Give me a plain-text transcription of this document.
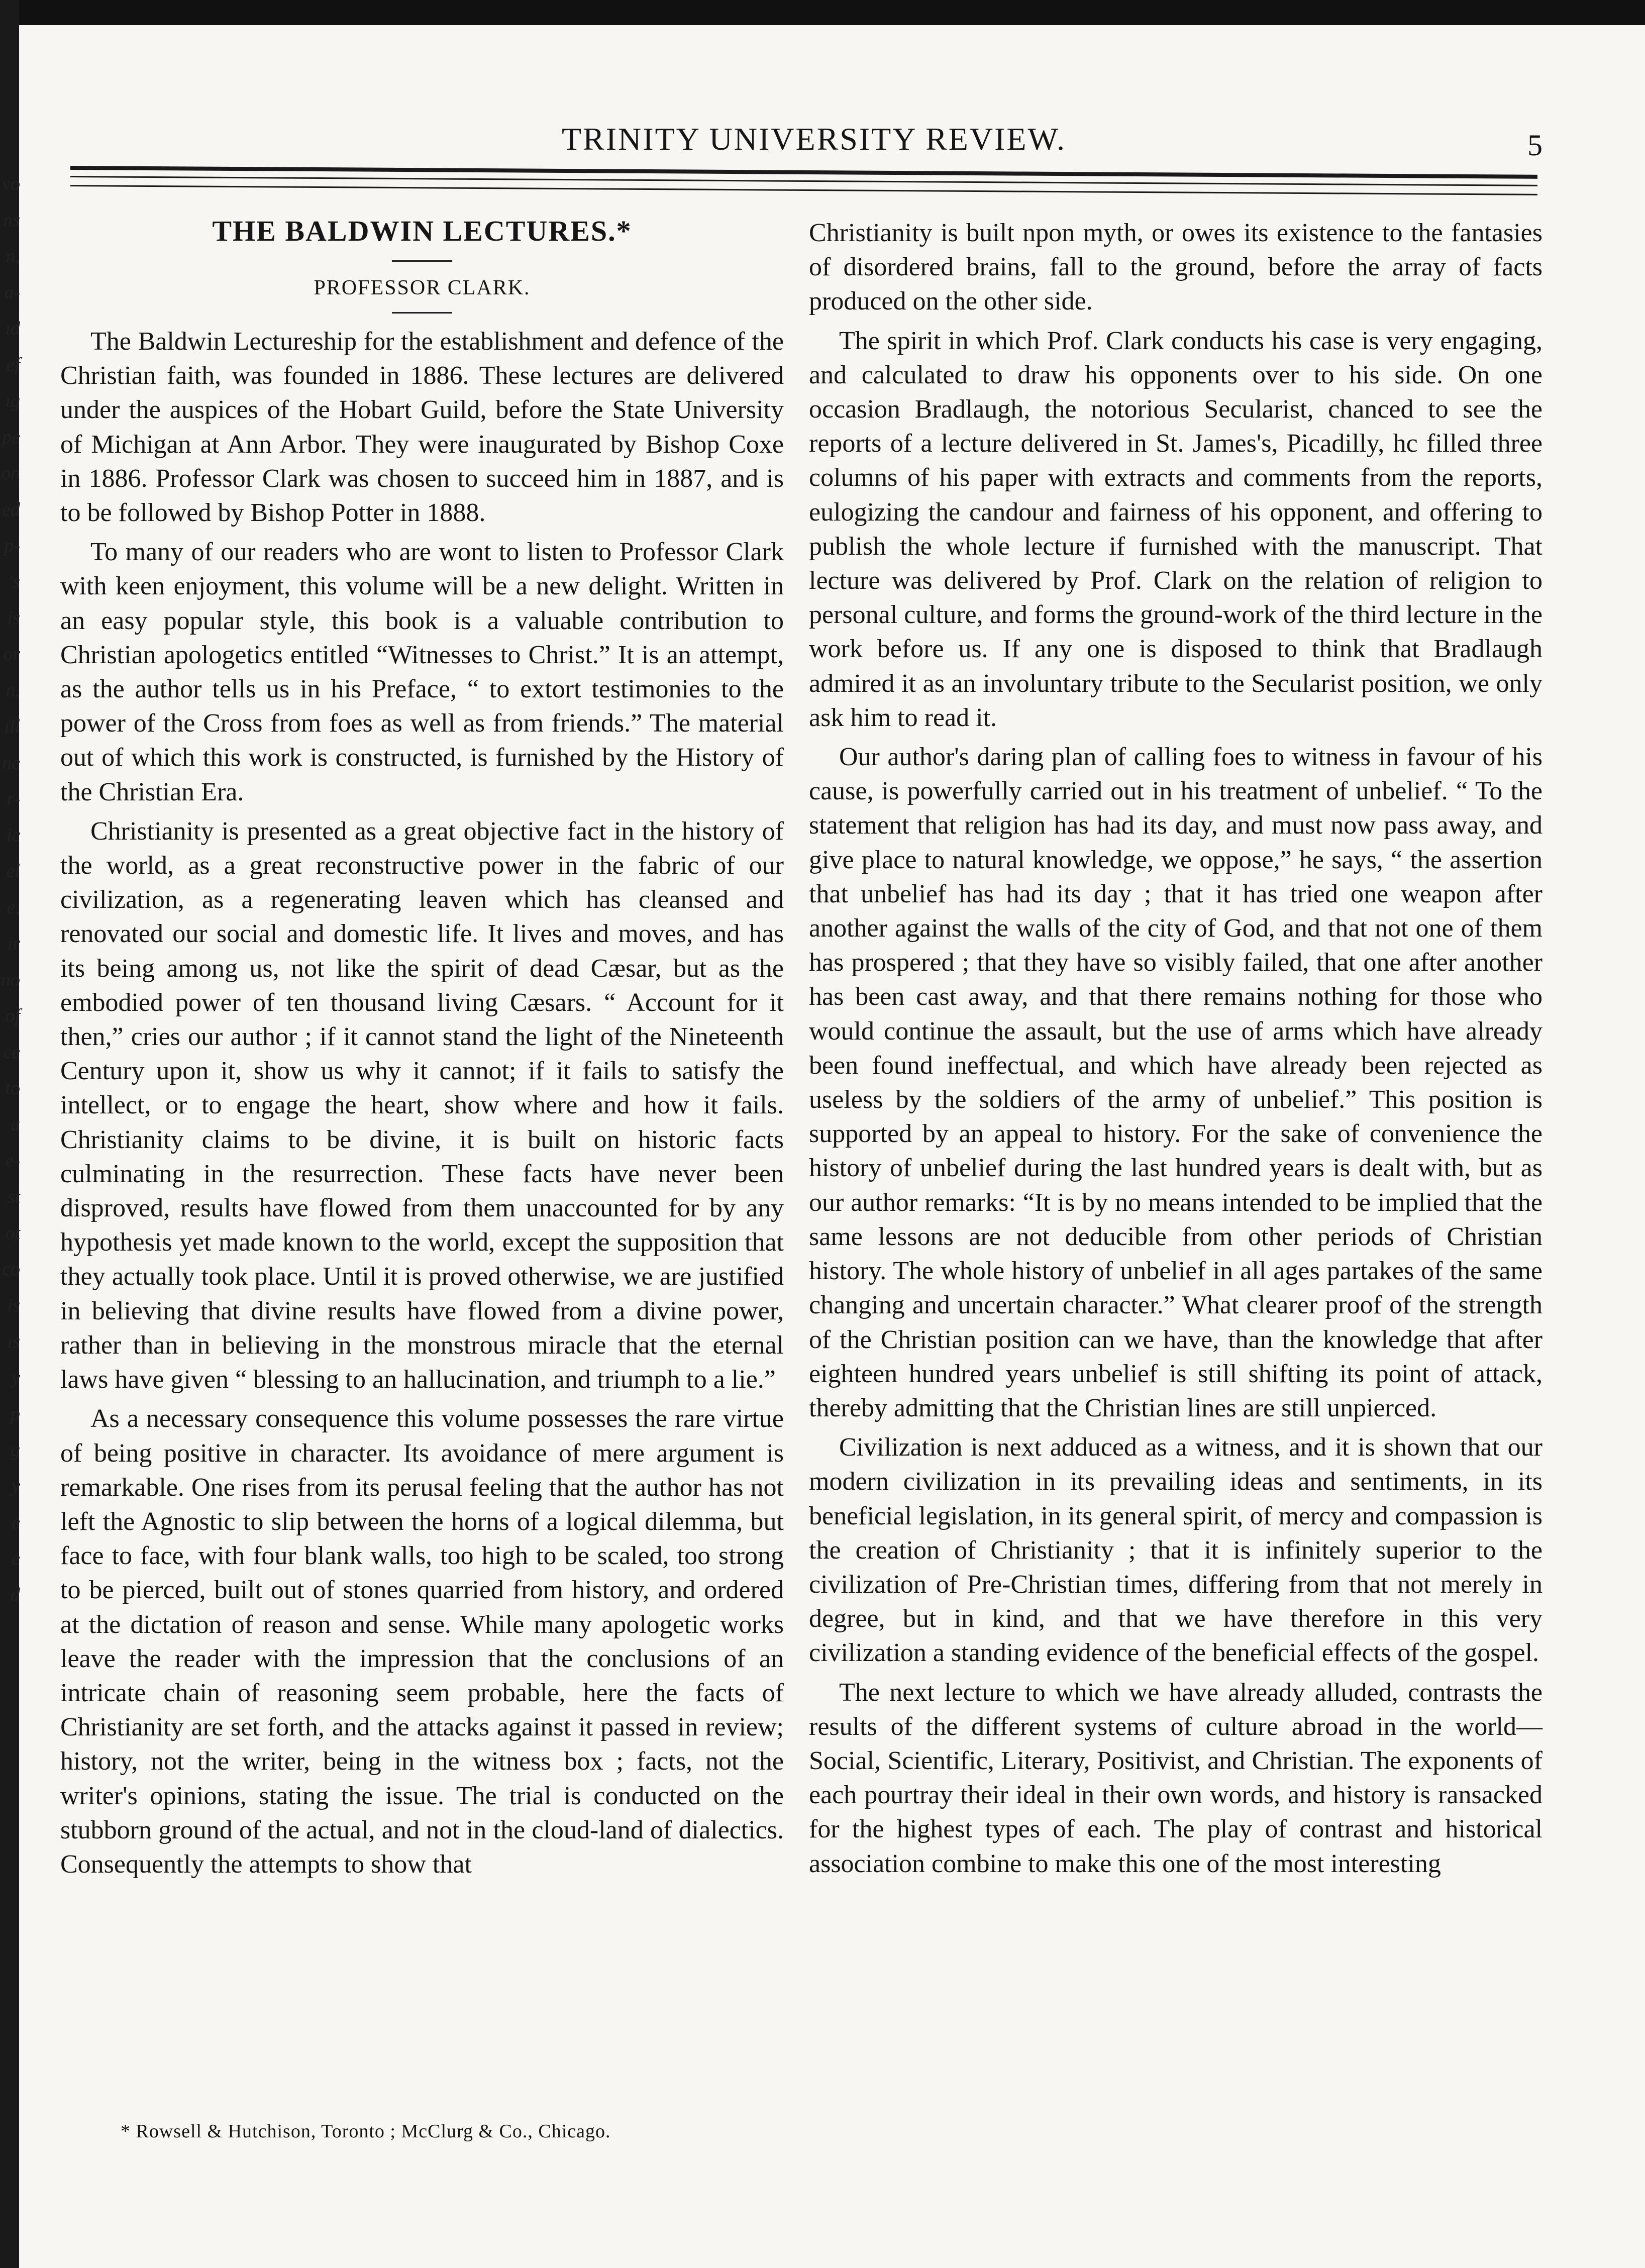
vo
ns
n,
a-
ıd
ef
ıg
pe
on
ed
p-
's
is
or
n,
ıll
ne
r-
ic
el
e,
ir
no
of
ce
to
a
e-
st
ot
co
is
ıs
y
p
g
y
e
e
d
TRINITY UNIVERSITY REVIEW.	5
THE BALDWIN LECTURES.*

PROFESSOR CLARK.

The Baldwin Lectureship for the establishment and defence of the Christian faith, was founded in 1886. These lectures are delivered under the auspices of the Hobart Guild, before the State University of Michigan at Ann Arbor. They were inaugurated by Bishop Coxe in 1886. Professor Clark was chosen to succeed him in 1887, and is to be followed by Bishop Potter in 1888.

To many of our readers who are wont to listen to Professor Clark with keen enjoyment, this volume will be a new delight. Written in an easy popular style, this book is a valuable contribution to Christian apologetics entitled “Witnesses to Christ.” It is an attempt, as the author tells us in his Preface, “ to extort testimonies to the power of the Cross from foes as well as from friends.” The material out of which this work is constructed, is furnished by the History of the Christian Era.

Christianity is presented as a great objective fact in the history of the world, as a great reconstructive power in the fabric of our civilization, as a regenerating leaven which has cleansed and renovated our social and domestic life. It lives and moves, and has its being among us, not like the spirit of dead Cæsar, but as the embodied power of ten thousand living Cæsars. “ Account for it then,” cries our author ; if it cannot stand the light of the Nineteenth Century upon it, show us why it cannot; if it fails to satisfy the intellect, or to engage the heart, show where and how it fails. Christianity claims to be divine, it is built on historic facts culminating in the resurrection. These facts have never been disproved, results have flowed from them unaccounted for by any hypothesis yet made known to the world, except the supposition that they actually took place. Until it is proved otherwise, we are justified in believing that divine results have flowed from a divine power, rather than in believing in the monstrous miracle that the eternal laws have given “ blessing to an hallucination, and triumph to a lie.”

As a necessary consequence this volume possesses the rare virtue of being positive in character. Its avoidance of mere argument is remarkable. One rises from its perusal feeling that the author has not left the Agnostic to slip between the horns of a logical dilemma, but face to face, with four blank walls, too high to be scaled, too strong to be pierced, built out of stones quarried from history, and ordered at the dictation of reason and sense. While many apologetic works leave the reader with the impression that the conclusions of an intricate chain of reasoning seem probable, here the facts of Christianity are set forth, and the attacks against it passed in review; history, not the writer, being in the witness box ; facts, not the writer's opinions, stating the issue. The trial is conducted on the stubborn ground of the actual, and not in the cloud-land of dialectics. Consequently the attempts to show that

Christianity is built npon myth, or owes its existence to the fantasies of disordered brains, fall to the ground, before the array of facts produced on the other side.

The spirit in which Prof. Clark conducts his case is very engaging, and calculated to draw his opponents over to his side. On one occasion Bradlaugh, the notorious Secularist, chanced to see the reports of a lecture delivered in St. James's, Picadilly, hc filled three columns of his paper with extracts and comments from the reports, eulogizing the candour and fairness of his opponent, and offering to publish the whole lecture if furnished with the manuscript. That lecture was delivered by Prof. Clark on the relation of religion to personal culture, and forms the ground-work of the third lecture in the work before us. If any one is disposed to think that Bradlaugh admired it as an involuntary tribute to the Secularist position, we only ask him to read it.

Our author's daring plan of calling foes to witness in favour of his cause, is powerfully carried out in his treatment of unbelief. “ To the statement that religion has had its day, and must now pass away, and give place to natural knowledge, we oppose,” he says, “ the assertion that unbelief has had its day ; that it has tried one weapon after another against the walls of the city of God, and that not one of them has prospered ; that they have so visibly failed, that one after another has been cast away, and that there remains nothing for those who would continue the assault, but the use of arms which have already been found ineffectual, and which have already been rejected as useless by the soldiers of the army of unbelief.” This position is supported by an appeal to history. For the sake of convenience the history of unbelief during the last hundred years is dealt with, but as our author remarks: “It is by no means intended to be implied that the same lessons are not deducible from other periods of Christian history. The whole history of unbelief in all ages partakes of the same changing and uncertain character.” What clearer proof of the strength of the Christian position can we have, than the knowledge that after eighteen hundred years unbelief is still shifting its point of attack, thereby admitting that the Christian lines are still unpierced.

Civilization is next adduced as a witness, and it is shown that our modern civilization in its prevailing ideas and sentiments, in its beneficial legislation, in its general spirit, of mercy and compassion is the creation of Christianity ; that it is infinitely superior to the civilization of Pre-Christian times, differing from that not merely in degree, but in kind, and that we have therefore in this very civilization a standing evidence of the beneficial effects of the gospel.

The next lecture to which we have already alluded, contrasts the results of the different systems of culture abroad in the world—Social, Scientific, Literary, Positivist, and Christian. The exponents of each pourtray their ideal in their own words, and history is ransacked for the highest types of each. The play of contrast and historical association combine to make this one of the most interesting

* Rowsell & Hutchison, Toronto ; McClurg & Co., Chicago.
